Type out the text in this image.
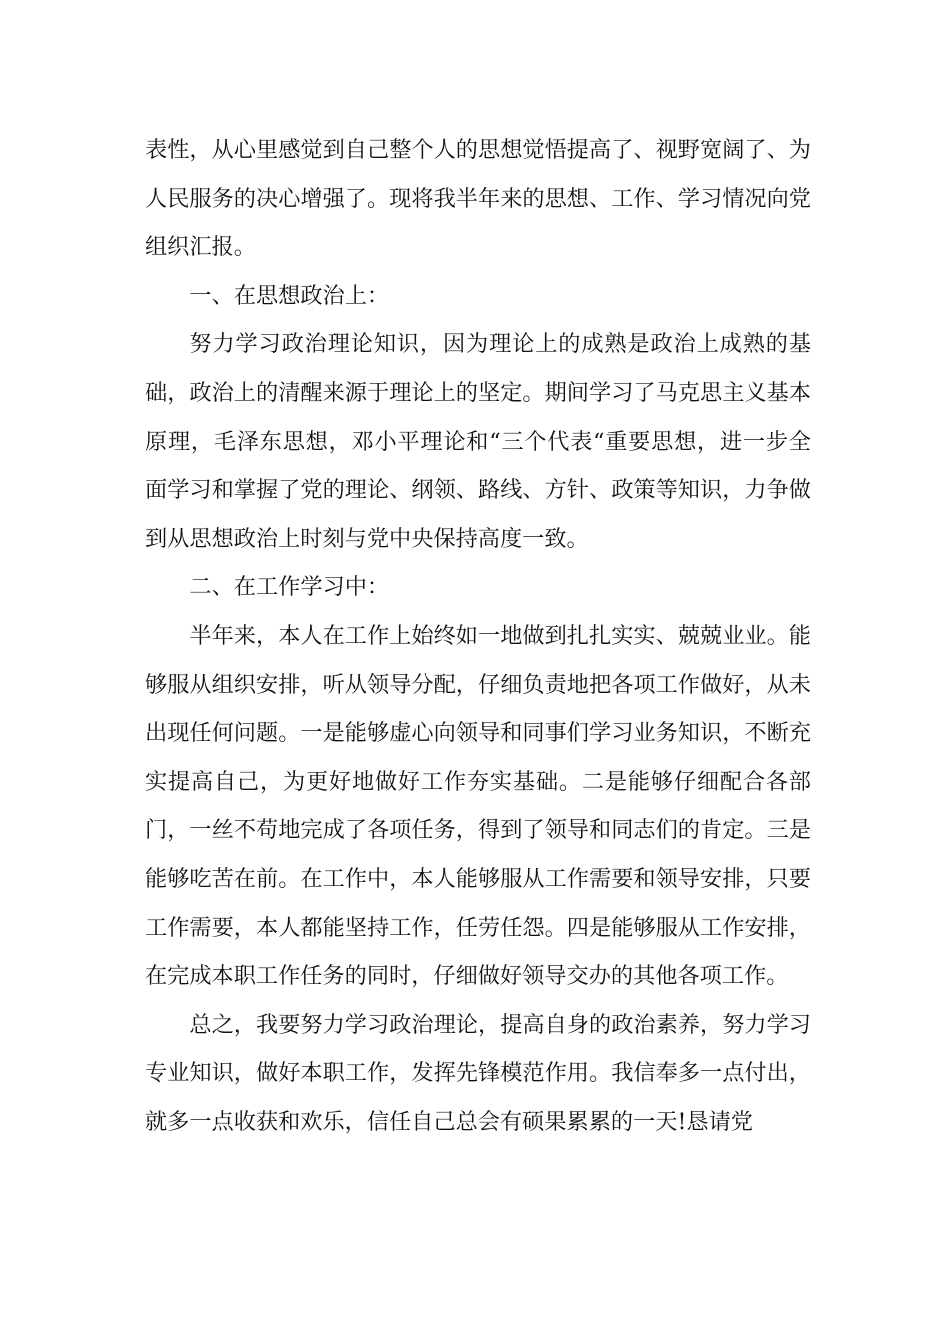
表性，从心里感觉到自己整个人的思想觉悟提高了、视野宽阔了、为人民服务的决心增强了。现将我半年来的思想、工作、学习情况向党组织汇报。

一、在思想政治上：

努力学习政治理论知识，因为理论上的成熟是政治上成熟的基础，政治上的清醒来源于理论上的坚定。期间学习了马克思主义基本原理，毛泽东思想，邓小平理论和“三个代表“重要思想，进一步全面学习和掌握了党的理论、纲领、路线、方针、政策等知识，力争做到从思想政治上时刻与党中央保持高度一致。

二、在工作学习中：

半年来，本人在工作上始终如一地做到扎扎实实、兢兢业业。能够服从组织安排，听从领导分配，仔细负责地把各项工作做好，从未出现任何问题。一是能够虚心向领导和同事们学习业务知识，不断充实提高自己，为更好地做好工作夯实基础。二是能够仔细配合各部门，一丝不苟地完成了各项任务，得到了领导和同志们的肯定。三是能够吃苦在前。在工作中，本人能够服从工作需要和领导安排，只要工作需要，本人都能坚持工作，任劳任怨。四是能够服从工作安排，在完成本职工作任务的同时，仔细做好领导交办的其他各项工作。

总之，我要努力学习政治理论，提高自身的政治素养，努力学习专业知识，做好本职工作，发挥先锋模范作用。我信奉多一点付出，就多一点收获和欢乐，信任自己总会有硕果累累的一天!恳请党
